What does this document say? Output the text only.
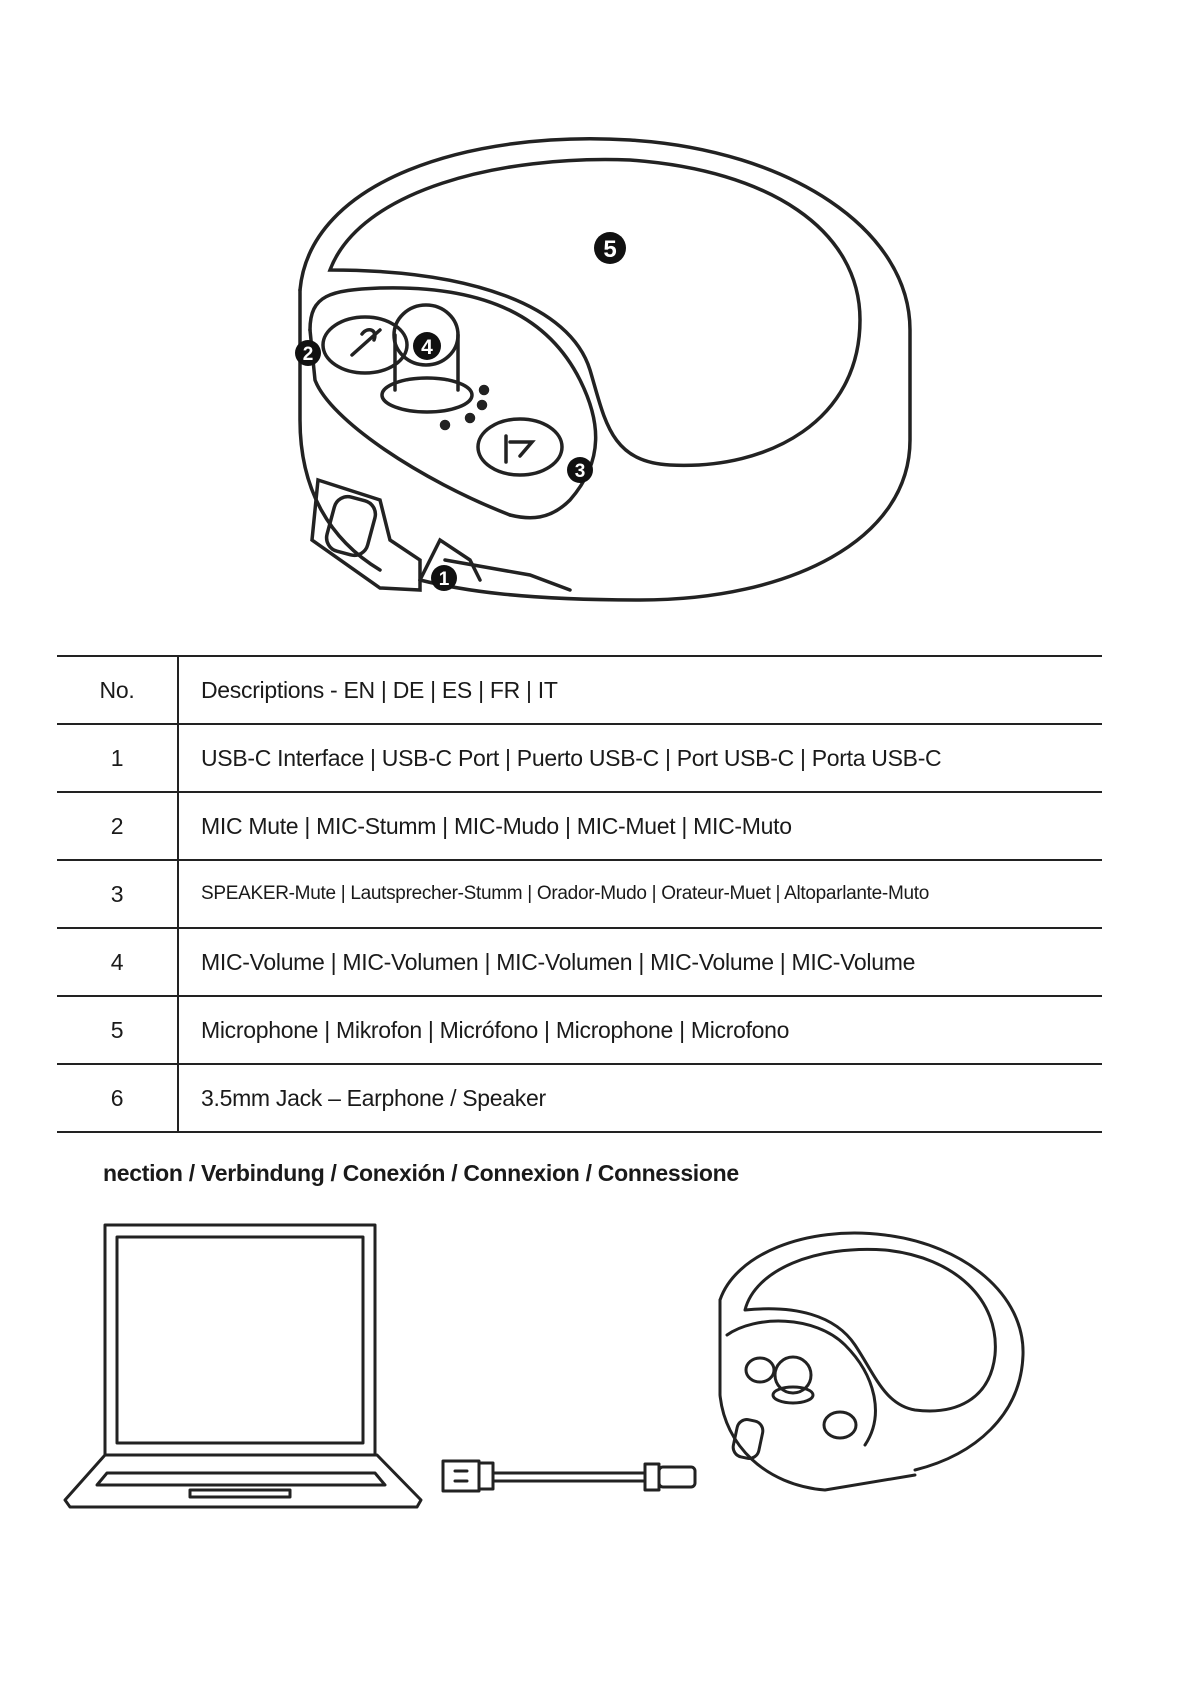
5
2	4
3
1
No.	Descriptions - EN | DE | ES | FR | IT
1	USB-C Interface | USB-C Port | Puerto USB-C | Port USB-C | Porta USB-C
2	MIC Mute | MIC-Stumm | MIC-Mudo | MIC-Muet | MIC-Muto
3	SPEAKER-Mute | Lautsprecher-Stumm | Orador-Mudo | Orateur-Muet | Altoparlante-Muto
4	MIC-Volume | MIC-Volumen | MIC-Volumen | MIC-Volume | MIC-Volume
5	Microphone | Mikrofon | Micrófono | Microphone | Microfono
6	3.5mm Jack – Earphone / Speaker
nection / Verbindung / Conexión / Connexion / Connessione
